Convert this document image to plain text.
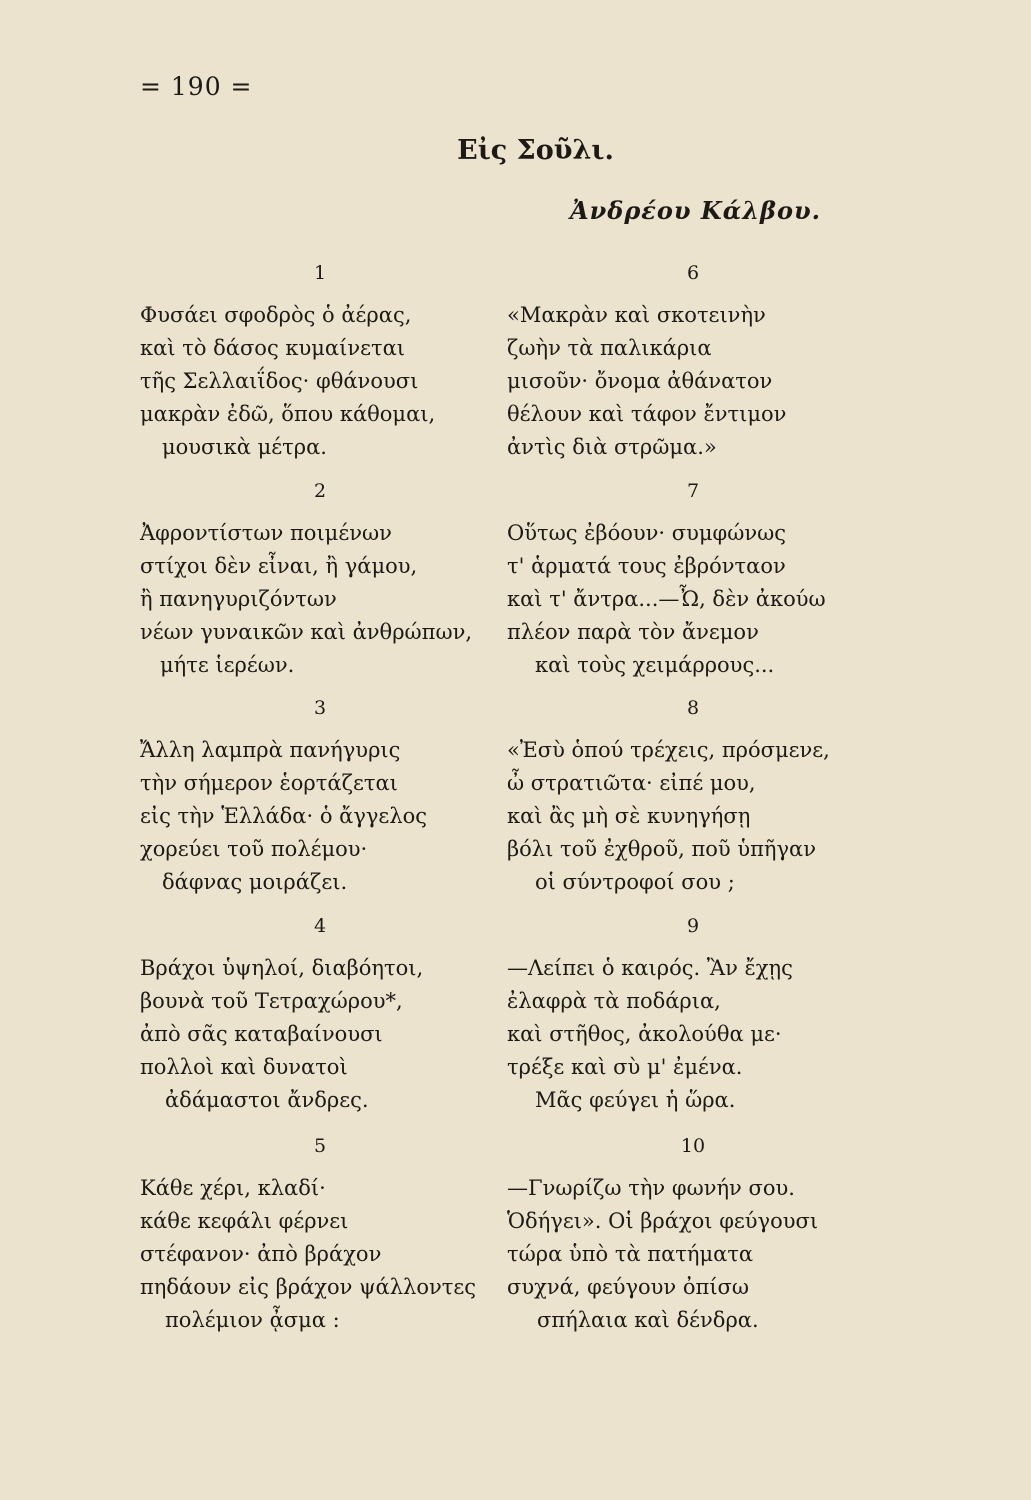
= 190 =
Εἰς Σοῦλι.
Ἀνδρέου Κάλβου.
1
Φυσάει σφοδρὸς ὁ ἀέρας,
καὶ τὸ δάσος κυμαίνεται
τῆς Σελλαιΐδος· φθάνουσι
μακρὰν ἐδῶ, ὅπου κάθομαι,
μουσικὰ μέτρα.
2
Ἀφροντίστων ποιμένων
στίχοι δὲν εἶναι, ἢ γάμου,
ἢ πανηγυριζόντων
νέων γυναικῶν καὶ ἀνθρώπων,
μήτε ἱερέων.
3
Ἄλλη λαμπρὰ πανήγυρις
τὴν σήμερον ἑορτάζεται
εἰς τὴν Ἑλλάδα· ὁ ἄγγελος
χορεύει τοῦ πολέμου·
δάφνας μοιράζει.
4
Βράχοι ὑψηλοί, διαβόητοι,
βουνὰ τοῦ Τετραχώρου*,
ἀπὸ σᾶς καταβαίνουσι
πολλοὶ καὶ δυνατοὶ
ἀδάμαστοι ἄνδρες.
5
Κάθε χέρι, κλαδί·
κάθε κεφάλι φέρνει
στέφανον· ἀπὸ βράχον
πηδάουν εἰς βράχον ψάλλοντες
πολέμιον ᾆσμα :
6
«Μακρὰν καὶ σκοτεινὴν
ζωὴν τὰ παλικάρια
μισοῦν· ὄνομα ἀθάνατον
θέλουν καὶ τάφον ἔντιμον
ἀντὶς διὰ στρῶμα.»
7
Οὕτως ἐβόουν· συμφώνως
τ' ἁρματά τους ἐβρόνταον
καὶ τ' ἄντρα...—Ὦ, δὲν ἀκούω
πλέον παρὰ τὸν ἄνεμον
καὶ τοὺς χειμάρρους...
8
«Ἐσὺ ὁπού τρέχεις, πρόσμενε,
ὦ στρατιῶτα· εἰπέ μου,
καὶ ἂς μὴ σὲ κυνηγήσῃ
βόλι τοῦ ἐχθροῦ, ποῦ ὑπῆγαν
οἱ σύντροφοί σου ;
9
—Λείπει ὁ καιρός. Ἂν ἔχῃς
ἐλαφρὰ τὰ ποδάρια,
καὶ στῆθος, ἀκολούθα με·
τρέξε καὶ σὺ μ' ἐμένα.
Μᾶς φεύγει ἡ ὥρα.
10
—Γνωρίζω τὴν φωνήν σου.
Ὁδήγει». Οἱ βράχοι φεύγουσι
τώρα ὑπὸ τὰ πατήματα
συχνά, φεύγουν ὀπίσω
σπήλαια καὶ δένδρα.
